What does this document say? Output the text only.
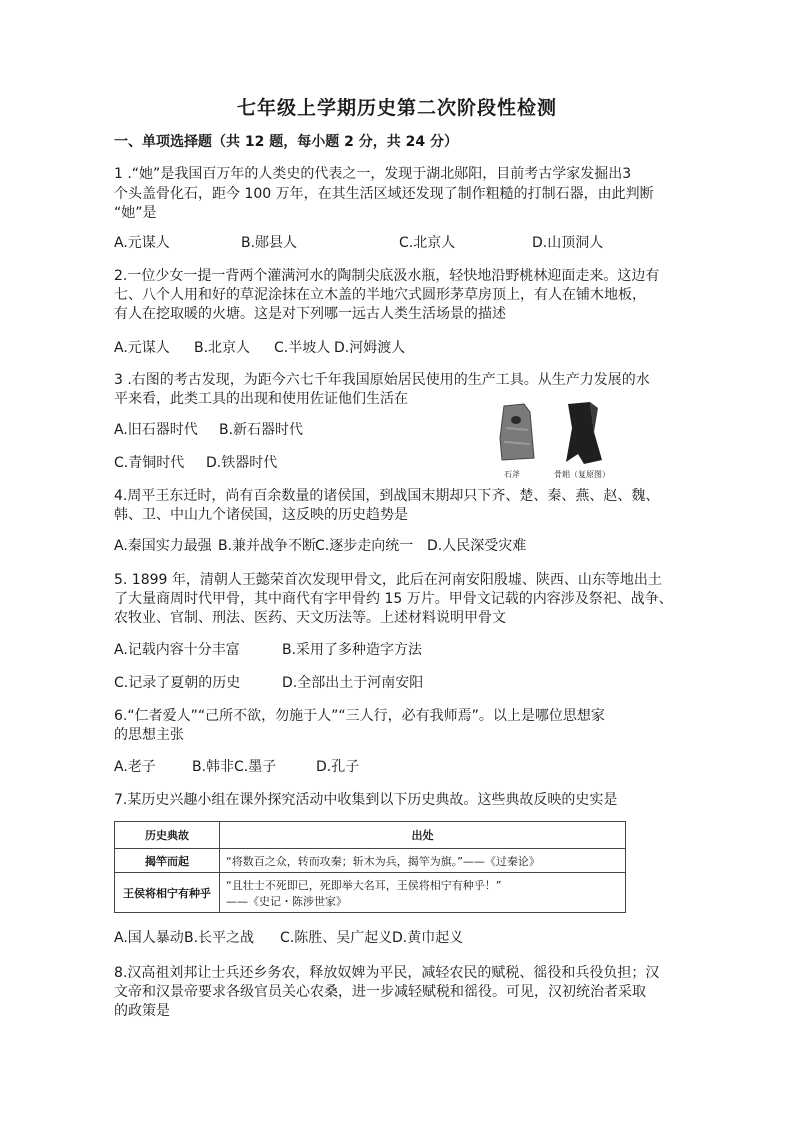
七年级上学期历史第二次阶段性检测
一、单项选择题（共 12 题，每小题 2 分，共 24 分）
1 .“她”是我国百万年的人类史的代表之一，发现于湖北郧阳，目前考古学家发掘出3
个头盖骨化石，距今 100 万年，在其生活区域还发现了制作粗糙的打制石器，由此判断
“她”是
A.元谋人	B.郧县人	C.北京人	D.山顶洞人
2.一位少女一提一背两个灌满河水的陶制尖底汲水瓶，轻快地沿野桃林迎面走来。这边有
七、八个人用和好的草泥涂抹在立木盖的半地穴式圆形茅草房顶上，有人在铺木地板，
有人在挖取暖的火塘。这是对下列哪一远古人类生活场景的描述
A.元谋人 B.北京人 C.半坡人 D.河姆渡人
3 .右图的考古发现，为距今六七千年我国原始居民使用的生产工具。从生产力发展的水
平来看，此类工具的出现和使用佐证他们生活在
A.旧石器时代 B.新石器时代
C.青铜时代 D.铁器时代
石斧	骨耜（复原图）
4.周平王东迁时，尚有百余数量的诸侯国，到战国末期却只下齐、楚、秦、燕、赵、魏、
韩、卫、中山九个诸侯国，这反映的历史趋势是
A.秦国实力最强 B.兼并战争不断C.逐步走向统一 D.人民深受灾难
5. 1899 年，清朝人王懿荣首次发现甲骨文，此后在河南安阳殷墟、陕西、山东等地出土
了大量商周时代甲骨，其中商代有字甲骨约 15 万片。甲骨文记载的内容涉及祭祀、战争、
农牧业、官制、刑法、医药、天文历法等。上述材料说明甲骨文
A.记载内容十分丰富	B.采用了多种造字方法
C.记录了夏朝的历史	D.全部出土于河南安阳
6.“仁者爱人”“己所不欲，勿施于人”“三人行，必有我师焉”。以上是哪位思想家
的思想主张
A.老子	B.韩非C.墨子	D.孔子
7.某历史兴趣小组在课外探究活动中收集到以下历史典故。这些典故反映的史实是
历史典故	出处
揭竿而起	“将数百之众，转而攻秦；斩木为兵，揭竿为旗。”——《过秦论》
王侯将相宁有种乎	“且壮士不死即已，死即举大名耳，王侯将相宁有种乎！”
——《史记・陈涉世家》
A.国人暴动B.长平之战 C.陈胜、吴广起义D.黄巾起义
8.汉高祖刘邦让士兵还乡务农，释放奴婢为平民，减轻农民的赋税、徭役和兵役负担；汉
文帝和汉景帝要求各级官员关心农桑，进一步减轻赋税和徭役。可见，汉初统治者采取
的政策是
